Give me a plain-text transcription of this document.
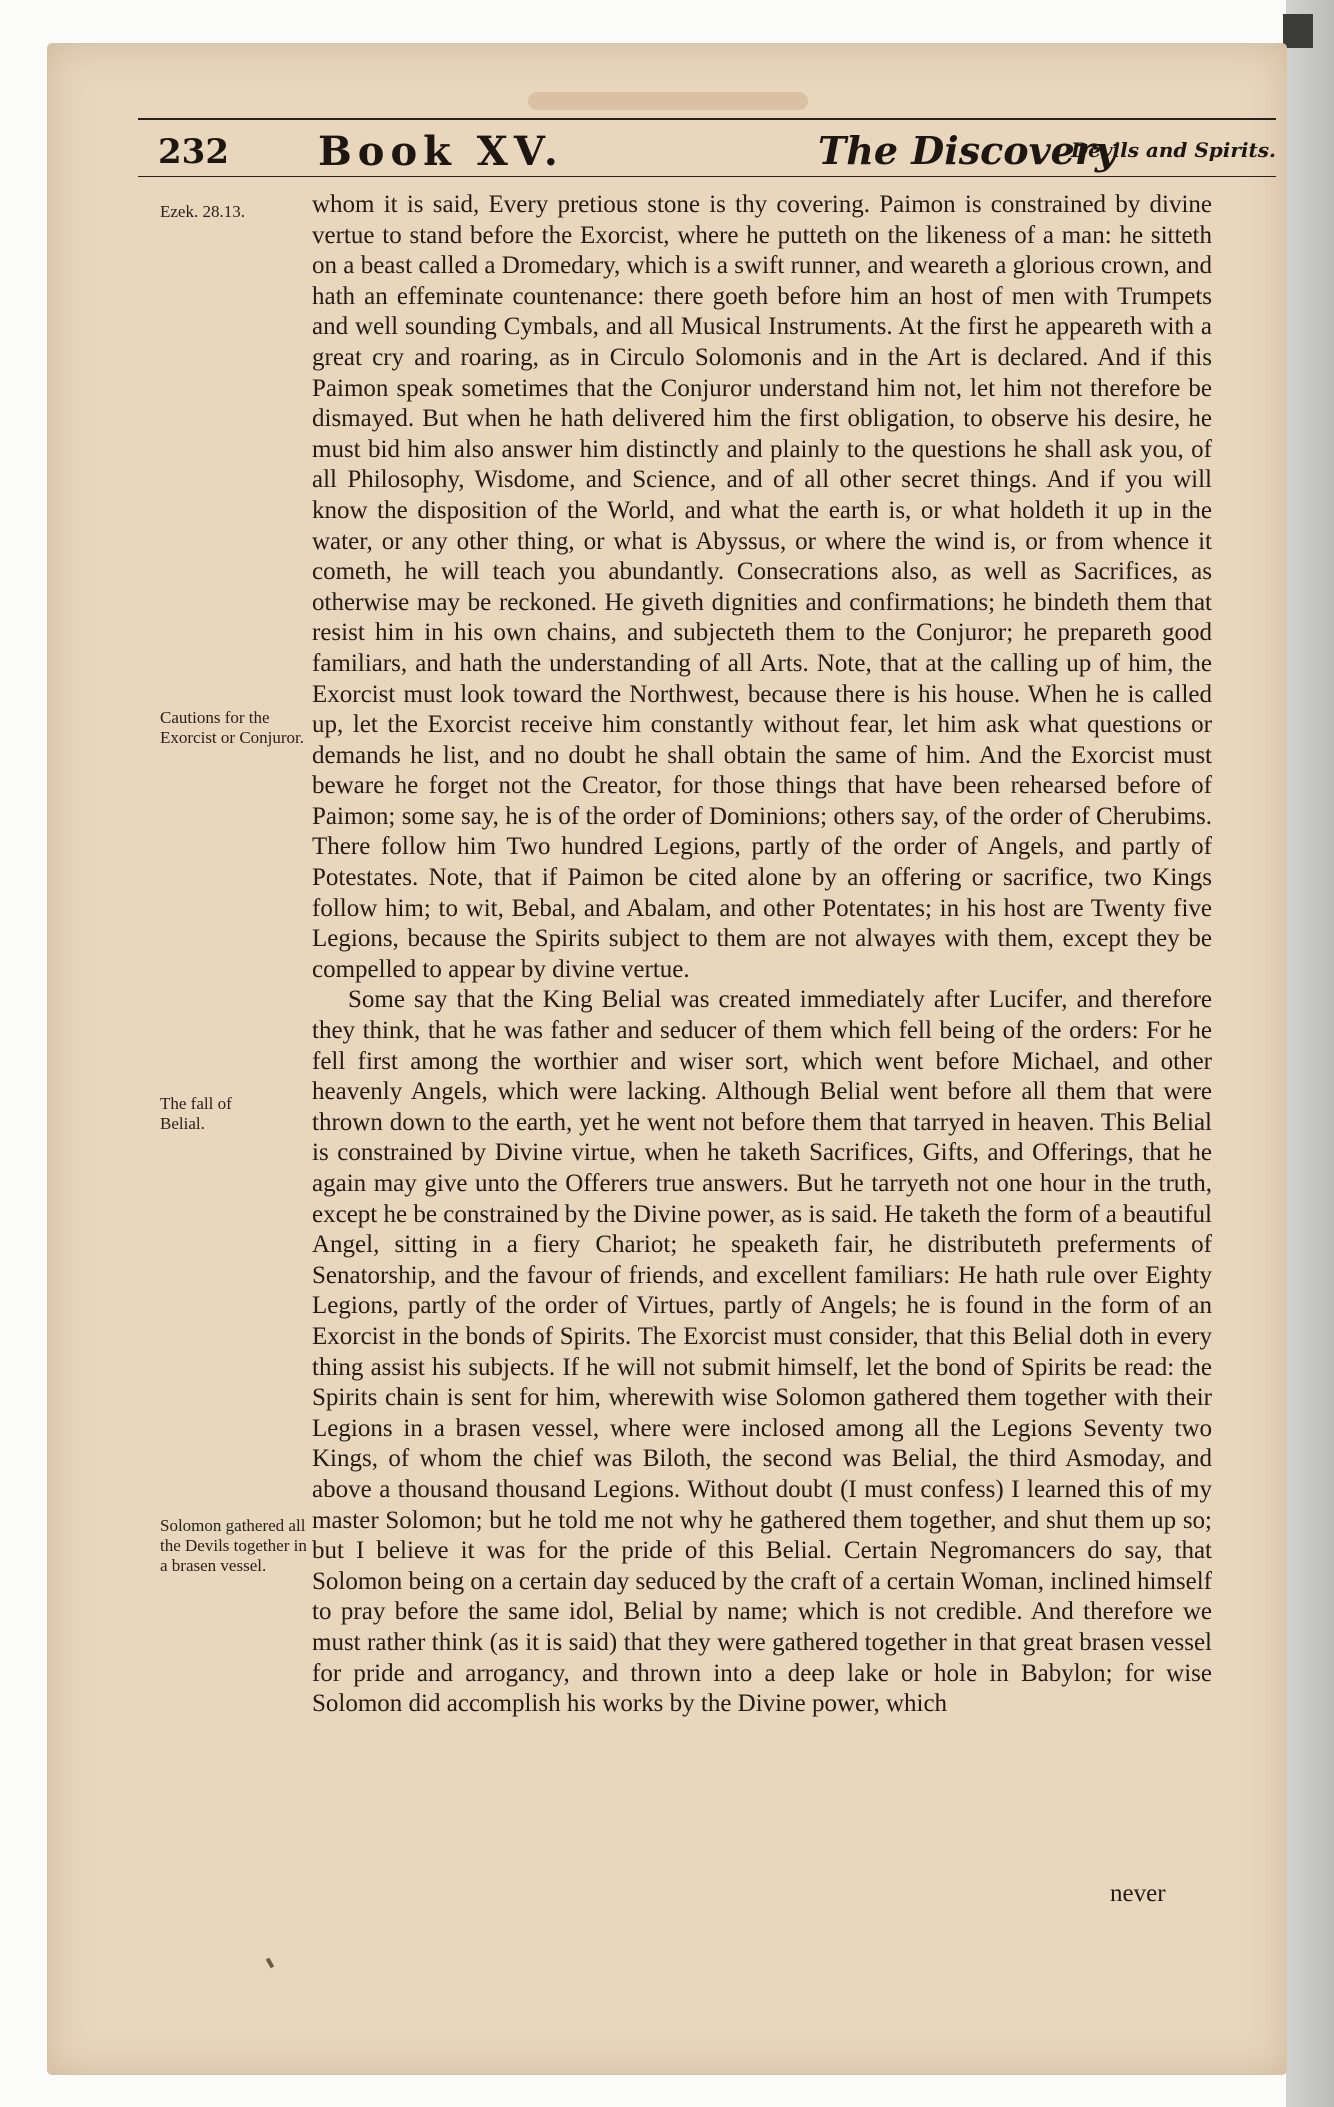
232 Book XV.	The Discovery
Devils and Spirits.
Ezek. 28.13.
Cautions for the Exorcist or Conjuror.
The fall of Belial.
Solomon gathered all the Devils together in a brasen vessel.

whom it is said, Every pretious stone is thy covering. Paimon is constrained by divine vertue to stand before the Exorcist, where he putteth on the likeness of a man: he sitteth on a beast called a Dromedary, which is a swift runner, and weareth a glorious crown, and hath an effeminate countenance: there goeth before him an host of men with Trumpets and well sounding Cymbals, and all Musical Instruments. At the first he appeareth with a great cry and roaring, as in Circulo Solomonis and in the Art is declared. And if this Paimon speak sometimes that the Conjuror understand him not, let him not therefore be dismayed. But when he hath delivered him the first obligation, to observe his desire, he must bid him also answer him distinctly and plainly to the questions he shall ask you, of all Philosophy, Wisdome, and Science, and of all other secret things. And if you will know the disposition of the World, and what the earth is, or what holdeth it up in the water, or any other thing, or what is Abyssus, or where the wind is, or from whence it cometh, he will teach you abundantly. Consecrations also, as well as Sacrifices, as otherwise may be reckoned. He giveth dignities and confirmations; he bindeth them that resist him in his own chains, and subjecteth them to the Conjuror; he prepareth good familiars, and hath the understanding of all Arts. Note, that at the calling up of him, the Exorcist must look toward the Northwest, because there is his house. When he is called up, let the Exorcist receive him constantly without fear, let him ask what questions or demands he list, and no doubt he shall obtain the same of him. And the Exorcist must beware he forget not the Creator, for those things that have been rehearsed before of Paimon; some say, he is of the order of Dominions; others say, of the order of Cherubims. There follow him Two hundred Legions, partly of the order of Angels, and partly of Potestates. Note, that if Paimon be cited alone by an offering or sacrifice, two Kings follow him; to wit, Bebal, and Abalam, and other Potentates; in his host are Twenty five Legions, because the Spirits subject to them are not alwayes with them, except they be compelled to appear by divine vertue.

Some say that the King Belial was created immediately after Lucifer, and therefore they think, that he was father and seducer of them which fell being of the orders: For he fell first among the worthier and wiser sort, which went before Michael, and other heavenly Angels, which were lacking. Although Belial went before all them that were thrown down to the earth, yet he went not before them that tarryed in heaven. This Belial is constrained by Divine virtue, when he taketh Sacrifices, Gifts, and Offerings, that he again may give unto the Offerers true answers. But he tarryeth not one hour in the truth, except he be constrained by the Divine power, as is said. He taketh the form of a beautiful Angel, sitting in a fiery Chariot; he speaketh fair, he distributeth preferments of Senatorship, and the favour of friends, and excellent familiars: He hath rule over Eighty Legions, partly of the order of Virtues, partly of Angels; he is found in the form of an Exorcist in the bonds of Spirits. The Exorcist must consider, that this Belial doth in every thing assist his subjects. If he will not submit himself, let the bond of Spirits be read: the Spirits chain is sent for him, wherewith wise Solomon gathered them together with their Legions in a brasen vessel, where were inclosed among all the Legions Seventy two Kings, of whom the chief was Biloth, the second was Belial, the third Asmoday, and above a thousand thousand Legions. Without doubt (I must confess) I learned this of my master Solomon; but he told me not why he gathered them together, and shut them up so; but I believe it was for the pride of this Belial. Certain Negromancers do say, that Solomon being on a certain day seduced by the craft of a certain Woman, inclined himself to pray before the same idol, Belial by name; which is not credible. And therefore we must rather think (as it is said) that they were gathered together in that great brasen vessel for pride and arrogancy, and thrown into a deep lake or hole in Babylon; for wise Solomon did accomplish his works by the Divine power, which

never
